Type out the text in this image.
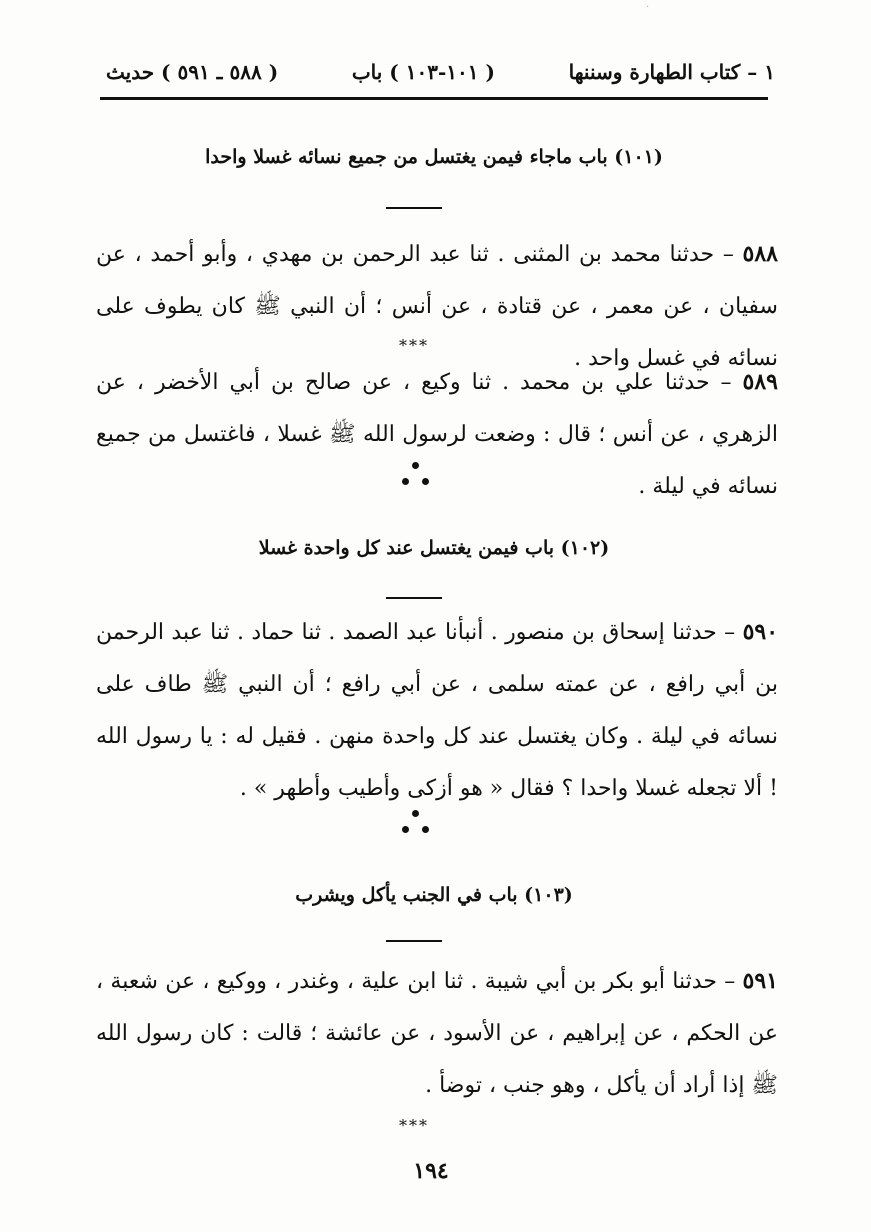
·
١ – كتاب الطهارة وسننها
( ١٠١-١٠٣ ) باب
( ٥٨٨ ـ ٥٩١ ) حديث
(١٠١) باب ماجاء فيمن يغتسل من جميع نسائه غسلا واحدا
٥٨٨ – حدثنا محمد بن المثنى . ثنا عبد الرحمن بن مهدي ، وأبو أحمد ، عن سفيان ، عن معمر ، عن قتادة ، عن أنس ؛ أن النبي ﷺ كان يطوف على نسائه في غسل واحد .
***
٥٨٩ – حدثنا علي بن محمد . ثنا وكيع ، عن صالح بن أبي الأخضر ، عن الزهري ، عن أنس ؛ قال : وضعت لرسول الله ﷺ غسلا ، فاغتسل من جميع نسائه في ليلة .
(١٠٢) باب فيمن يغتسل عند كل واحدة غسلا
٥٩٠ – حدثنا إسحاق بن منصور . أنبأنا عبد الصمد . ثنا حماد . ثنا عبد الرحمن بن أبي رافع ، عن عمته سلمى ، عن أبي رافع ؛ أن النبي ﷺ طاف على نسائه في ليلة . وكان يغتسل عند كل واحدة منهن . فقيل له : يا رسول الله ! ألا تجعله غسلا واحدا ؟ فقال « هو أزكى وأطيب وأطهر » .
(١٠٣) باب في الجنب يأكل ويشرب
٥٩١ – حدثنا أبو بكر بن أبي شيبة . ثنا ابن علية ، وغندر ، ووكيع ، عن شعبة ، عن الحكم ، عن إبراهيم ، عن الأسود ، عن عائشة ؛ قالت : كان رسول الله ﷺ إذا أراد أن يأكل ، وهو جنب ، توضأ .
***
١٩٤
